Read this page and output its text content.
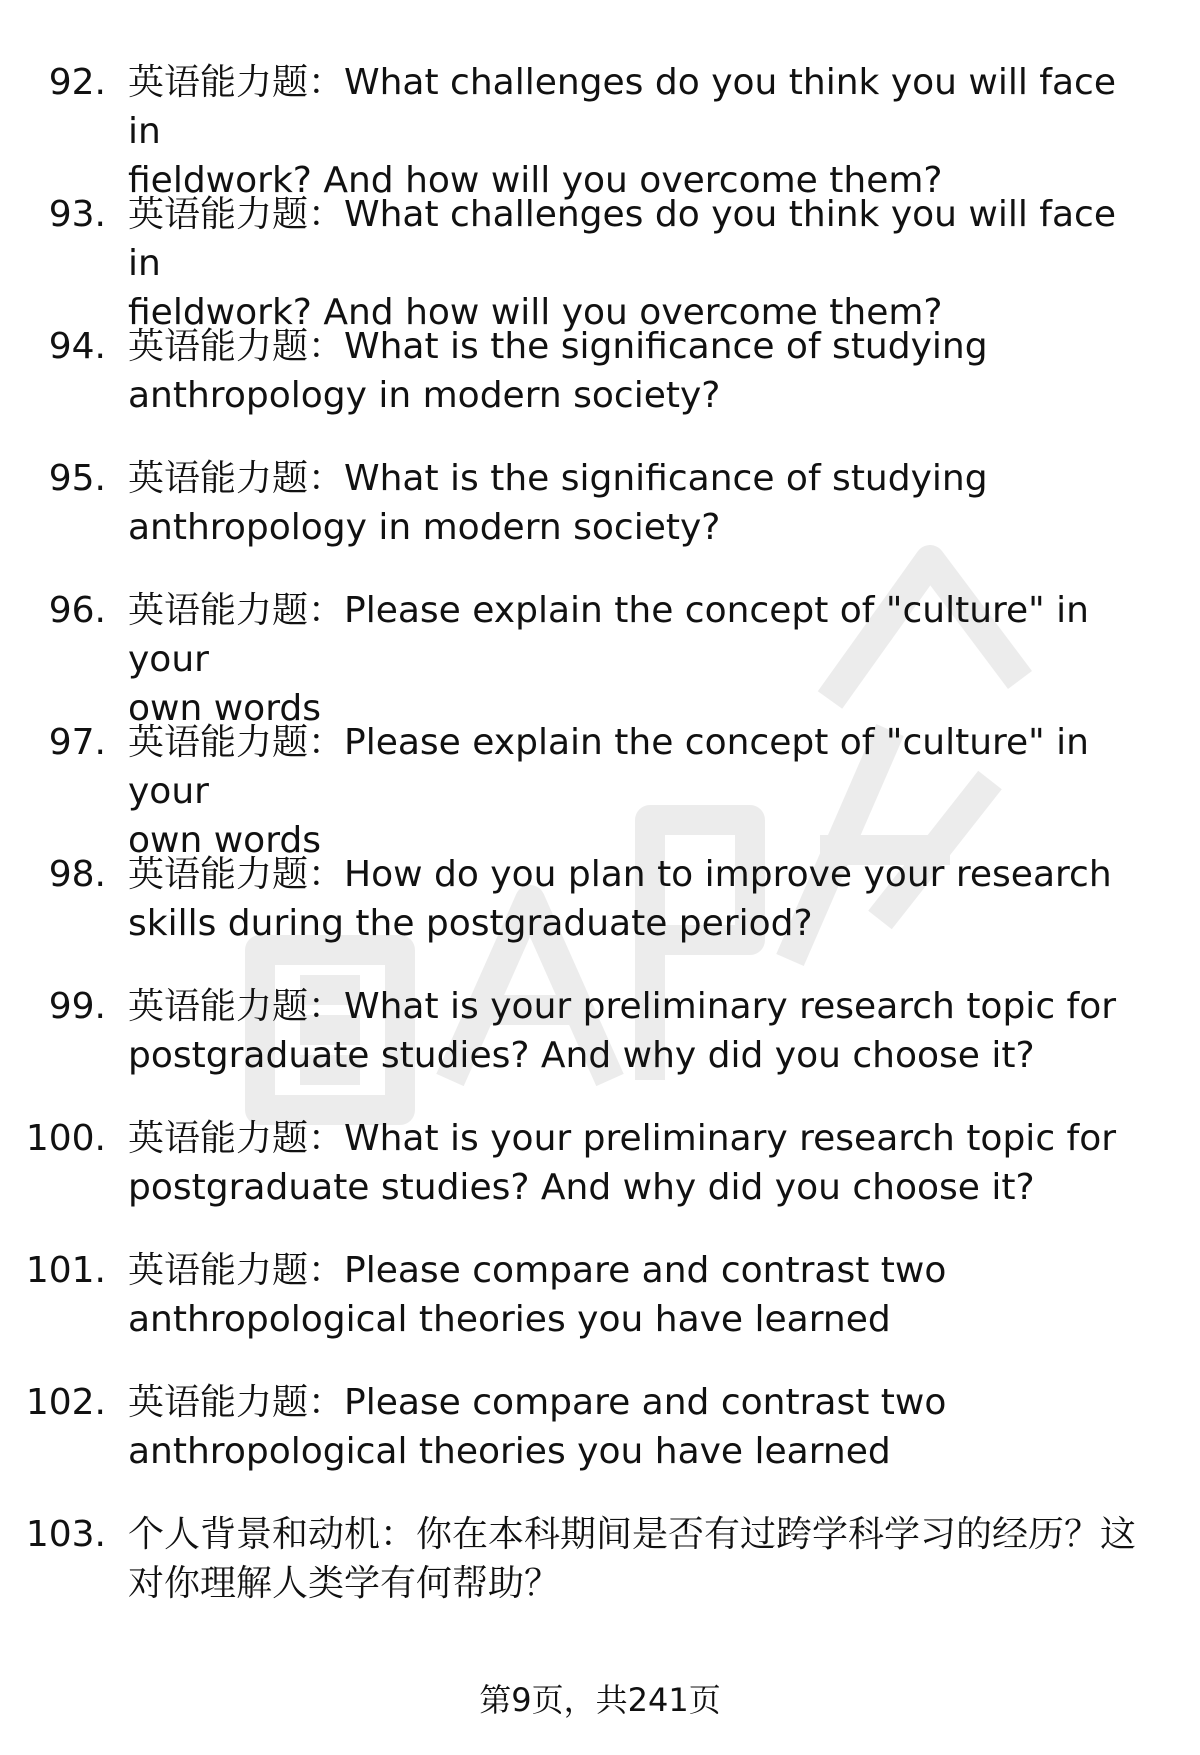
92. 英语能力题：What challenges do you think you will face in
fieldwork? And how will you overcome them?
93. 英语能力题：What challenges do you think you will face in
fieldwork? And how will you overcome them?
94. 英语能力题：What is the significance of studying
anthropology in modern society?
95. 英语能力题：What is the significance of studying
anthropology in modern society?
96. 英语能力题：Please explain the concept of "culture" in your
own words
97. 英语能力题：Please explain the concept of "culture" in your
own words
98. 英语能力题：How do you plan to improve your research
skills during the postgraduate period?
99. 英语能力题：What is your preliminary research topic for
postgraduate studies? And why did you choose it?
100. 英语能力题：What is your preliminary research topic for
postgraduate studies? And why did you choose it?
101. 英语能力题：Please compare and contrast two
anthropological theories you have learned
102. 英语能力题：Please compare and contrast two
anthropological theories you have learned
103. 个人背景和动机：你在本科期间是否有过跨学科学习的经历？这
对你理解人类学有何帮助？
第9页，共241页
